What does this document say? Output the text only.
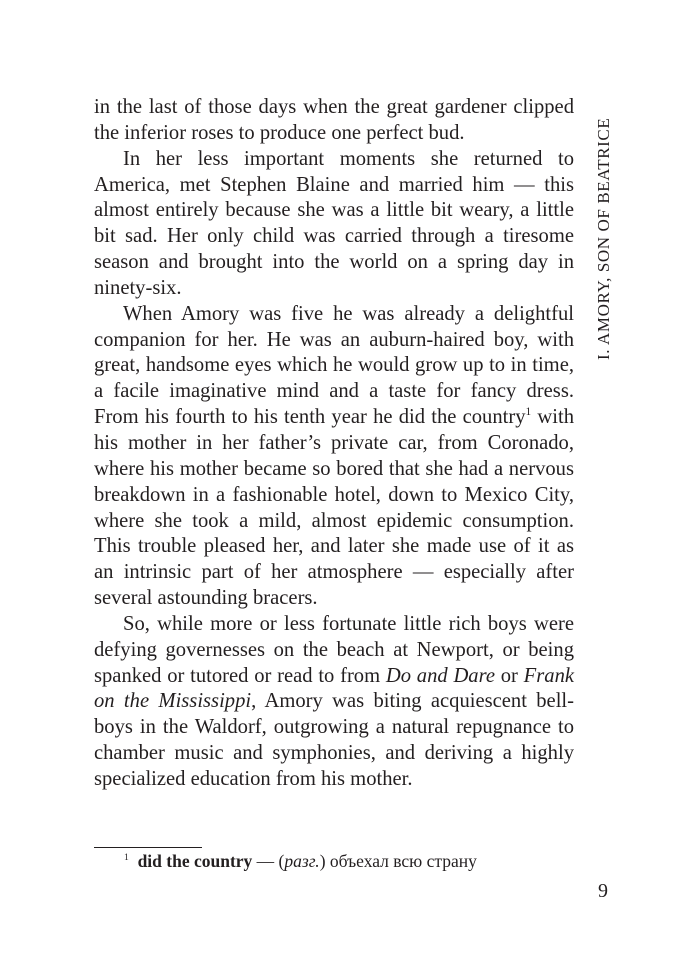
in the last of those days when the great gardener clipped the inferior roses to produce one perfect bud.

In her less important moments she returned to America, met Stephen Blaine and married him — this almost entirely because she was a little bit weary, a little bit sad. Her only child was carried through a tiresome season and brought into the world on a spring day in ninety-six.

When Amory was five he was already a delightful companion for her. He was an auburn-haired boy, with great, handsome eyes which he would grow up to in time, a facile imaginative mind and a taste for fancy dress. From his fourth to his tenth year he did the country$^1$ with his mother in her father’s private car, from Coronado, where his mother became so bored that she had a nervous breakdown in a fashionable hotel, down to Mexico City, where she took a mild, almost epidemic consumption. This trouble pleased her, and later she made use of it as an intrinsic part of her atmosphere — especially after several astounding bracers.

So, while more or less fortunate little rich boys were defying governesses on the beach at Newport, or being spanked or tutored or read to from Do and Dare or Frank on the Mississippi, Amory was biting acquiescent bell-boys in the Waldorf, outgrowing a natural repugnance to chamber music and symphonies, and deriving a highly specialized education from his mother.

I. AMORY, SON OF BEATRICE
$^1$ did the country — (разг.) объехал всю страну
9
